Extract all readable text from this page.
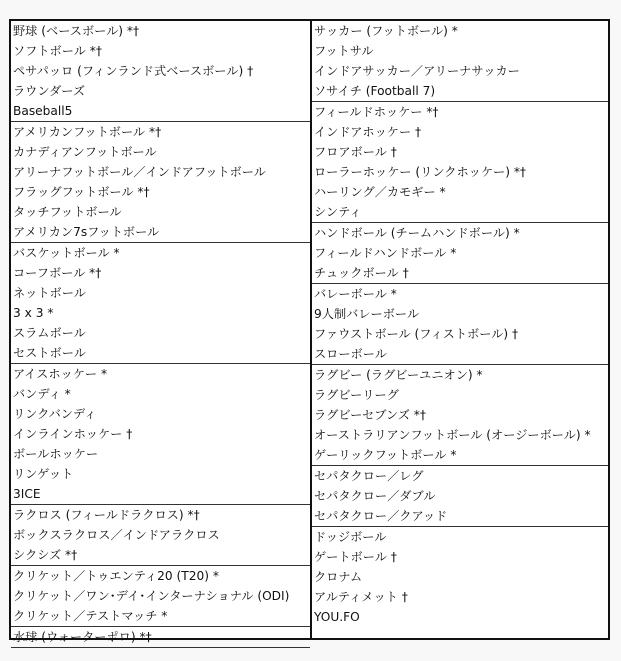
野球 (ベースボール) *†
ソフトボール *†
ペサパッロ (フィンランド式ベースボール) †
ラウンダーズ
Baseball5
アメリカンフットボール *†
カナディアンフットボール
アリーナフットボール／インドアフットボール
フラッグフットボール *†
タッチフットボール
アメリカン7sフットボール
バスケットボール *
コーフボール *†
ネットボール
3 x 3 *
スラムボール
セストボール
アイスホッケー *
バンディ *
リンクバンディ
インラインホッケー †
ボールホッケー
リンゲット
3ICE
ラクロス (フィールドラクロス) *†
ボックスラクロス／インドアラクロス
シクシズ *†
クリケット／トゥエンティ20 (T20) *
クリケット／ワン･デイ･インターナショナル (ODI)
クリケット／テストマッチ *
水球 (ウォーターポロ) *†
サッカー (フットボール) *
フットサル
インドアサッカー／アリーナサッカー
ソサイチ (Football 7)
フィールドホッケー *†
インドアホッケー †
フロアボール †
ローラーホッケー (リンクホッケー) *†
ハーリング／カモギー *
シンティ
ハンドボール (チームハンドボール) *
フィールドハンドボール *
チュックボール †
バレーボール *
9人制バレーボール
ファウストボール (フィストボール) †
スローボール
ラグビー (ラグビーユニオン) *
ラグビーリーグ
ラグビーセブンズ *†
オーストラリアンフットボール (オージーボール) *
ゲーリックフットボール *
セパタクロー／レグ
セパタクロー／ダブル
セパタクロー／クアッド
ドッジボール
ゲートボール †
クロナム
アルティメット †
YOU.FO
